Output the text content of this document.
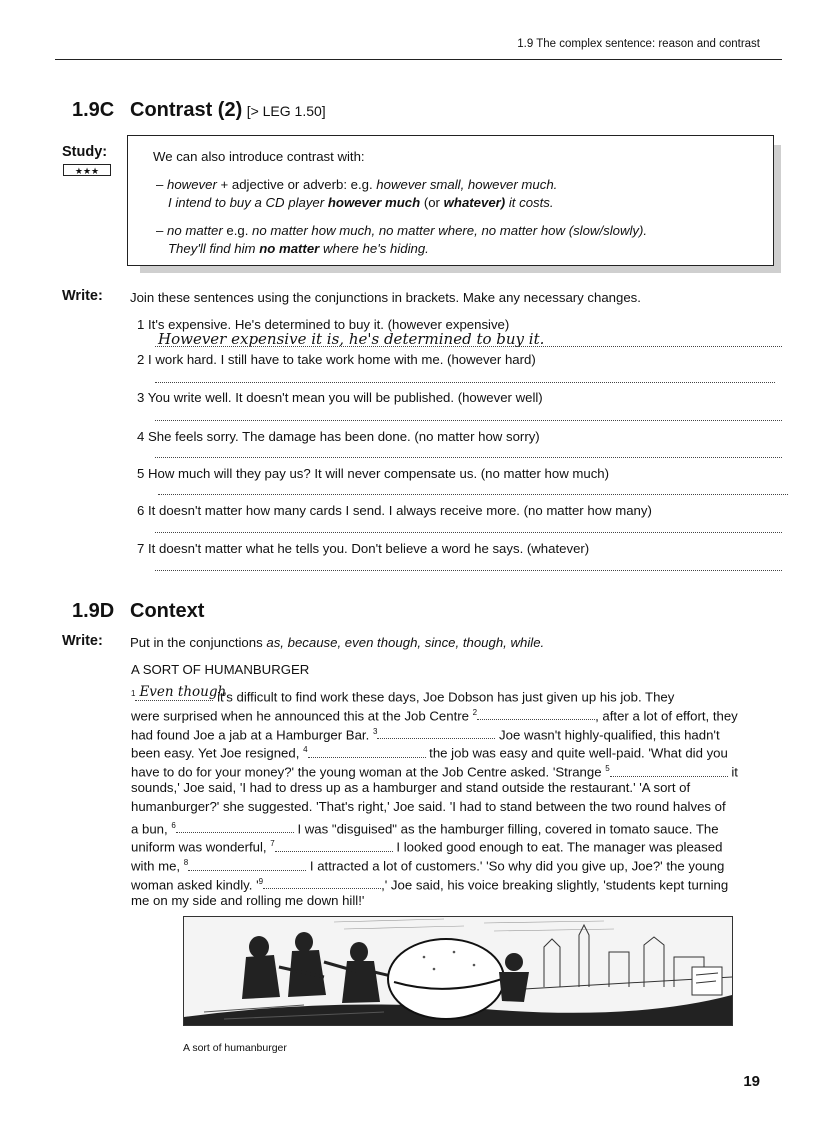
1.9 The complex sentence: reason and contrast
1.9C Contrast (2) [> LEG 1.50]
Study:
★★★
We can also introduce contrast with:
– however + adjective or adverb: e.g. however small, however much.
I intend to buy a CD player however much (or whatever) it costs.
– no matter e.g. no matter how much, no matter where, no matter how (slow/slowly).
They'll find him no matter where he's hiding.
Write: Join these sentences using the conjunctions in brackets. Make any necessary changes.
1 It's expensive. He's determined to buy it. (however expensive)
However expensive it is, he's determined to buy it.
2 I work hard. I still have to take work home with me. (however hard)
3 You write well. It doesn't mean you will be published. (however well)
4 She feels sorry. The damage has been done. (no matter how sorry)
5 How much will they pay us? It will never compensate us. (no matter how much)
6 It doesn't matter how many cards I send. I always receive more. (no matter how many)
7 It doesn't matter what he tells you. Don't believe a word he says. (whatever)
1.9D Context
Write: Put in the conjunctions as, because, even though, since, though, while.
A SORT OF HUMANBURGER
$^1$ Even though
it's difficult to find work these days, Joe Dobson has just given up his job. They
were surprised when he announced this at the Job Centre $^2$	, after a lot of effort, they
had found Joe a jab at a Hamburger Bar. $^3$	Joe wasn't highly-qualified, this hadn't
been easy. Yet Joe resigned, $^4$	the job was easy and quite well-paid. 'What did you
have to do for your money?' the young woman at the Job Centre asked. 'Strange $^5$	it
sounds,' Joe said, 'I had to dress up as a hamburger and stand outside the restaurant.' 'A sort of
humanburger?' she suggested. 'That's right,' Joe said. 'I had to stand between the two round halves of
a bun, $^6$	I was "disguised" as the hamburger filling, covered in tomato sauce. The
uniform was wonderful, $^7$	I looked good enough to eat. The manager was pleased
with me, $^8$	I attracted a lot of customers.' 'So why did you give up, Joe?' the young
woman asked kindly. '$^9$	,' Joe said, his voice breaking slightly, 'students kept turning
me on my side and rolling me down hill!'
A sort of humanburger
19
